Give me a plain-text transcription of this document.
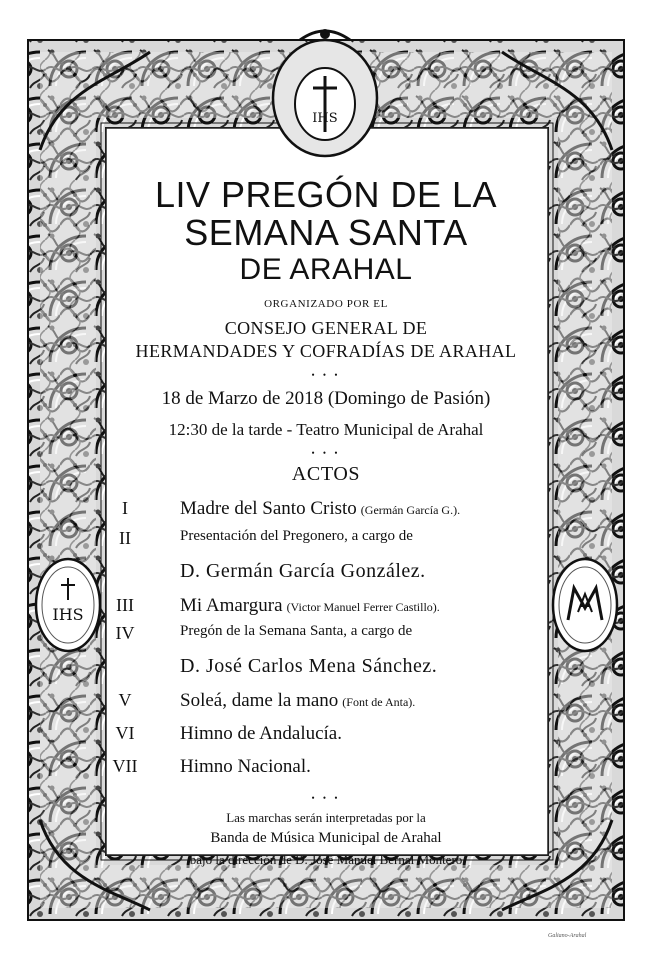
IHS
IHS
LIV PREGÓN DE LA
SEMANA SANTA
DE ARAHAL
ORGANIZADO POR EL
CONSEJO GENERAL DE
HERMANDADES Y COFRADÍAS DE ARAHAL
• • •
18 de Marzo de 2018 (Domingo de Pasión)
12:30 de la tarde - Teatro Municipal de Arahal
• • •
ACTOS
I	Madre del Santo Cristo (Germán García G.).
II	Presentación del Pregonero, a cargo de
D. Germán García González.
III	Mi Amargura (Victor Manuel Ferrer Castillo).
IV	Pregón de la Semana Santa, a cargo de
D. José Carlos Mena Sánchez.
V	Soleá, dame la mano (Font de Anta).
VI	Himno de Andalucía.
VII	Himno Nacional.
• • •
Las marchas serán interpretadas por la
Banda de Música Municipal de Arahal
bajo la dirección de D. José Manuel Bernal Montero
Galiano-Arahal
